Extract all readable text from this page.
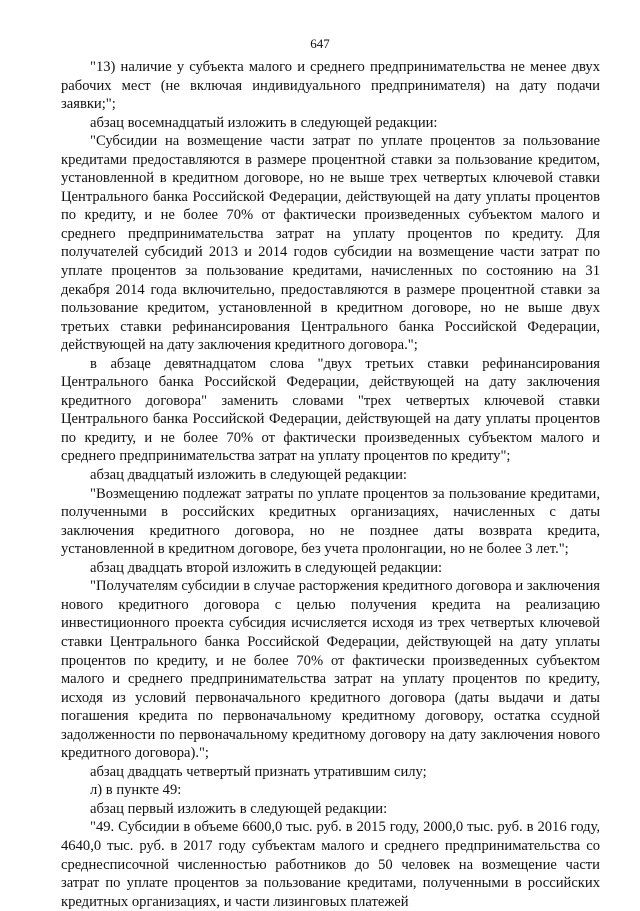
647

"13) наличие у субъекта малого и среднего предпринимательства не менее двух рабочих мест (не включая индивидуального предпринимателя) на дату подачи заявки;";

абзац восемнадцатый изложить в следующей редакции:

"Субсидии на возмещение части затрат по уплате процентов за пользование кредитами предоставляются в размере процентной ставки за пользование кредитом, установленной в кредитном договоре, но не выше трех четвертых ключевой ставки Центрального банка Российской Федерации, действующей на дату уплаты процентов по кредиту, и не более 70% от фактически произведенных субъектом малого и среднего предпринимательства затрат на уплату процентов по кредиту. Для получателей субсидий 2013 и 2014 годов субсидии на возмещение части затрат по уплате процентов за пользование кредитами, начисленных по состоянию на 31 декабря 2014 года включительно, предоставляются в размере процентной ставки за пользование кредитом, установленной в кредитном договоре, но не выше двух третьих ставки рефинансирования Центрального банка Российской Федерации, действующей на дату заключения кредитного договора.";

в абзаце девятнадцатом слова "двух третьих ставки рефинансирования Центрального банка Российской Федерации, действующей на дату заключения кредитного договора" заменить словами "трех четвертых ключевой ставки Центрального банка Российской Федерации, действующей на дату уплаты процентов по кредиту, и не более 70% от фактически произведенных субъектом малого и среднего предпринимательства затрат на уплату процентов по кредиту";

абзац двадцатый изложить в следующей редакции:

"Возмещению подлежат затраты по уплате процентов за пользование кредитами, полученными в российских кредитных организациях, начисленных с даты заключения кредитного договора, но не позднее даты возврата кредита, установленной в кредитном договоре, без учета пролонгации, но не более 3 лет.";

абзац двадцать второй изложить в следующей редакции:

"Получателям субсидии в случае расторжения кредитного договора и заключения нового кредитного договора с целью получения кредита на реализацию инвестиционного проекта субсидия исчисляется исходя из трех четвертых ключевой ставки Центрального банка Российской Федерации, действующей на дату уплаты процентов по кредиту, и не более 70% от фактически произведенных субъектом малого и среднего предпринимательства затрат на уплату процентов по кредиту, исходя из условий первоначального кредитного договора (даты выдачи и даты погашения кредита по первоначальному кредитному договору, остатка ссудной задолженности по первоначальному кредитному договору на дату заключения нового кредитного договора).";

абзац двадцать четвертый признать утратившим силу;

л) в пункте 49:

абзац первый изложить в следующей редакции:

"49. Субсидии в объеме 6600,0 тыс. руб. в 2015 году, 2000,0 тыс. руб. в 2016 году, 4640,0 тыс. руб. в 2017 году субъектам малого и среднего предпринимательства со среднесписочной численностью работников до 50 человек на возмещение части затрат по уплате процентов за пользование кредитами, полученными в российских кредитных организациях, и части лизинговых платежей
